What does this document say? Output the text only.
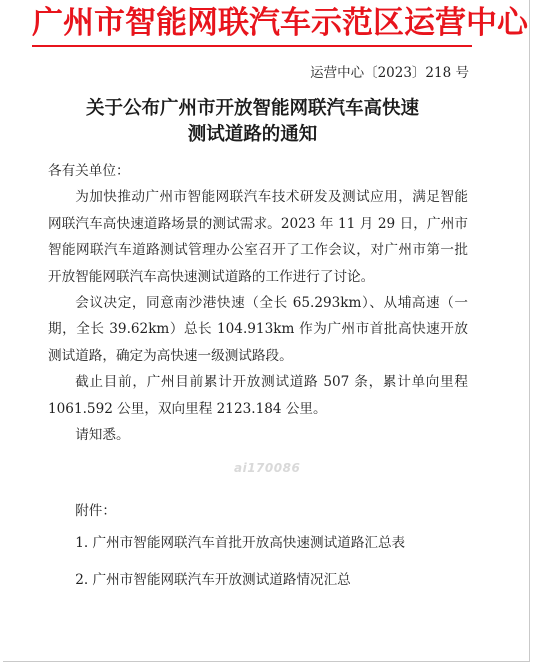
广州市智能网联汽车示范区运营中心
运营中心〔2023〕218 号
关于公布广州市开放智能网联汽车高快速
测试道路的通知

各有关单位：

为加快推动广州市智能网联汽车技术研发及测试应用，满足智能网联汽车高快速道路场景的测试需求。2023 年 11 月 29 日，广州市智能网联汽车道路测试管理办公室召开了工作会议，对广州市第一批开放智能网联汽车高快速测试道路的工作进行了讨论。

会议决定，同意南沙港快速（全长 65.293km）、从埔高速（一期，全长 39.62km）总长 104.913km 作为广州市首批高快速开放测试道路，确定为高快速一级测试路段。

截止目前，广州目前累计开放测试道路 507 条，累计单向里程 1061.592 公里，双向里程 2123.184 公里。

请知悉。

ai170086

附件：

1. 广州市智能网联汽车首批开放高快速测试道路汇总表

2. 广州市智能网联汽车开放测试道路情况汇总
